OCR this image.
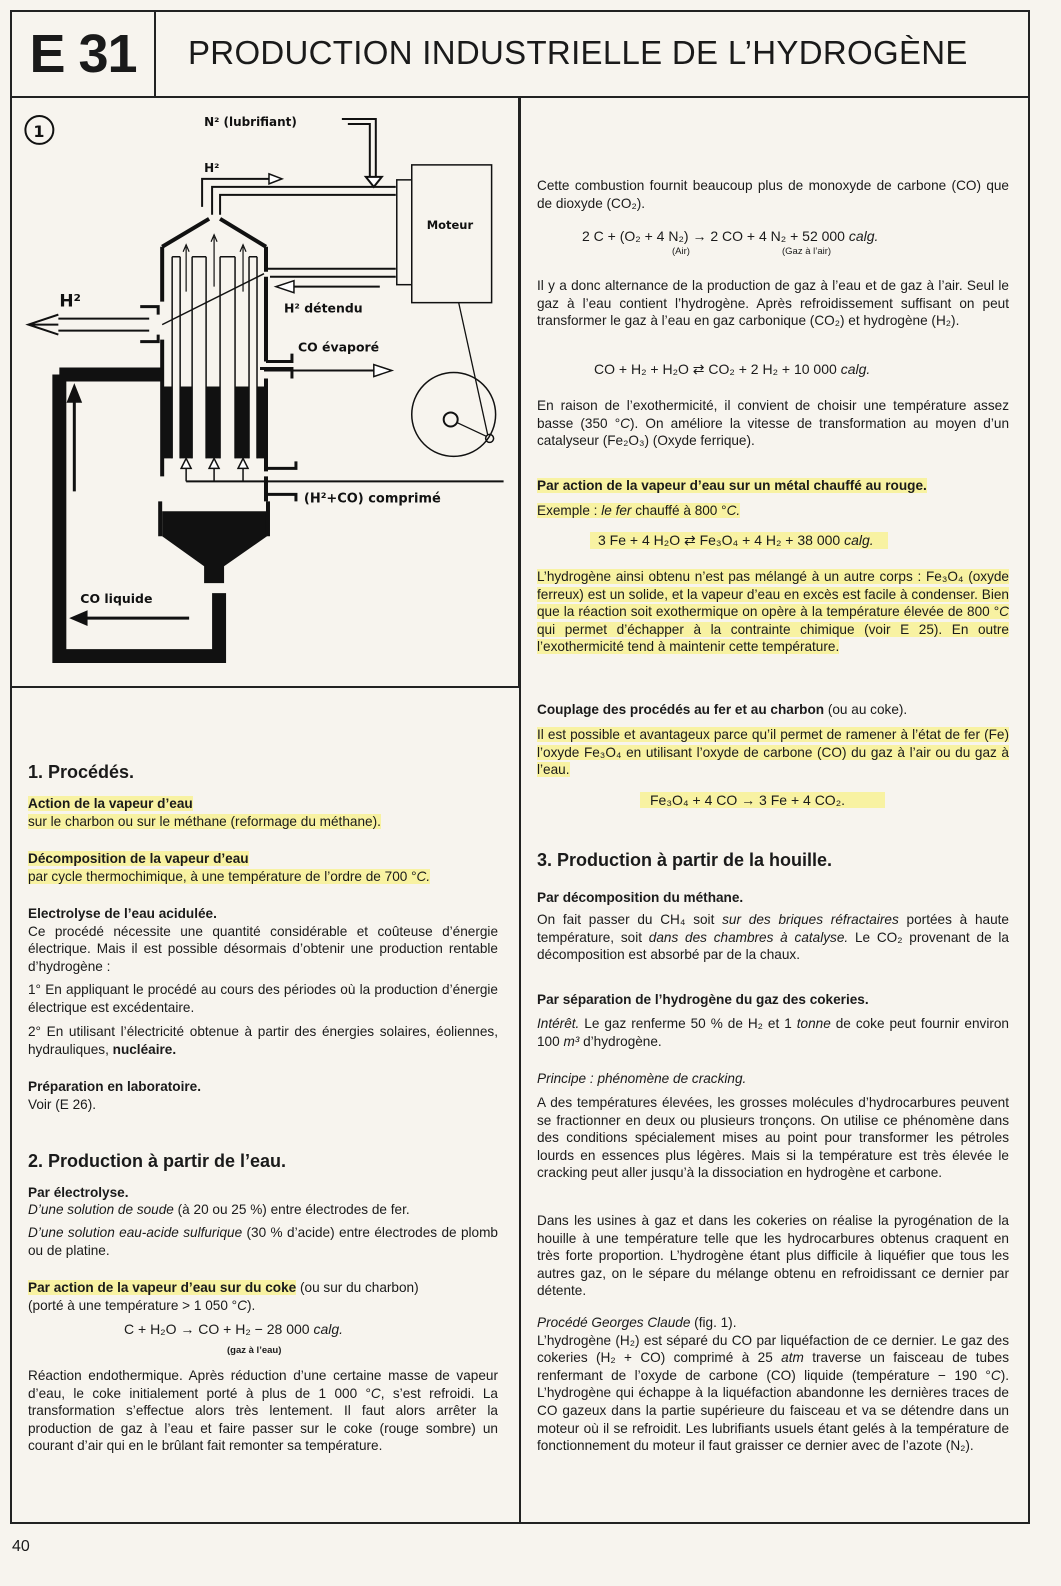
E 31	PRODUCTION INDUSTRIELLE DE L’HYDROGÈNE
1	N² (lubrifiant)
H²
Moteur
H²	H² détendu
CO évaporé
(H²+CO) comprimé
CO liquide
1. Procédés.
Action de la vapeur d’eau
sur le charbon ou sur le méthane (reformage du méthane).
Décomposition de la vapeur d’eau
par cycle thermochimique, à une température de l’ordre de 700 °C.
Electrolyse de l’eau acidulée.
Ce procédé nécessite une quantité considérable et coûteuse d’énergie électrique. Mais il est possible désormais d’obtenir une production rentable d’hydrogène :
1° En appliquant le procédé au cours des périodes où la production d’énergie électrique est excédentaire.
2° En utilisant l’électricité obtenue à partir des énergies solaires, éoliennes, hydrauliques, nucléaire.
Préparation en laboratoire.
Voir (E 26).
2. Production à partir de l’eau.
Par électrolyse.
D’une solution de soude (à 20 ou 25 %) entre électrodes de fer.
D’une solution eau-acide sulfurique (30 % d’acide) entre électrodes de plomb ou de platine.
Par action de la vapeur d’eau sur du coke (ou sur du charbon)
(porté à une température > 1 050 °C).
C + H₂O → CO + H₂ − 28 000 calg.
(gaz à l’eau)
Réaction endothermique. Après réduction d’une certaine masse de vapeur d’eau, le coke initialement porté à plus de 1 000 °C, s’est refroidi. La transformation s’effectue alors très lentement. Il faut alors arrêter la production de gaz à l’eau et faire passer sur le coke (rouge sombre) un courant d’air qui en le brûlant fait remonter sa température.
Cette combustion fournit beaucoup plus de monoxyde de carbone (CO) que de dioxyde (CO₂).
2 C + (O₂ + 4 N₂) → 2 CO + 4 N₂ + 52 000 calg.
(Air)	(Gaz à l’air)
Il y a donc alternance de la production de gaz à l’eau et de gaz à l’air. Seul le gaz à l’eau contient l’hydrogène. Après refroidissement suffisant on peut transformer le gaz à l’eau en gaz carbonique (CO₂) et hydrogène (H₂).
CO + H₂ + H₂O ⇄ CO₂ + 2 H₂ + 10 000 calg.
En raison de l’exothermicité, il convient de choisir une température assez basse (350 °C). On améliore la vitesse de transformation au moyen d’un catalyseur (Fe₂O₃) (Oxyde ferrique).
Par action de la vapeur d’eau sur un métal chauffé au rouge.
Exemple : le fer chauffé à 800 °C.
3 Fe + 4 H₂O ⇄ Fe₃O₄ + 4 H₂ + 38 000 calg.
L’hydrogène ainsi obtenu n’est pas mélangé à un autre corps : Fe₃O₄ (oxyde ferreux) est un solide, et la vapeur d’eau en excès est facile à condenser. Bien que la réaction soit exothermique on opère à la température élevée de 800 °C qui permet d’échapper à la contrainte chimique (voir E 25). En outre l’exothermicité tend à maintenir cette température.
Couplage des procédés au fer et au charbon (ou au coke).
Il est possible et avantageux parce qu’il permet de ramener à l’état de fer (Fe) l’oxyde Fe₃O₄ en utilisant l’oxyde de carbone (CO) du gaz à l’air ou du gaz à l’eau.
Fe₃O₄ + 4 CO → 3 Fe + 4 CO₂.
3. Production à partir de la houille.
Par décomposition du méthane.
On fait passer du CH₄ soit sur des briques réfractaires portées à haute température, soit dans des chambres à catalyse. Le CO₂ provenant de la décomposition est absorbé par de la chaux.
Par séparation de l’hydrogène du gaz des cokeries.
Intérêt. Le gaz renferme 50 % de H₂ et 1 tonne de coke peut fournir environ 100 m³ d’hydrogène.
Principe : phénomène de cracking.
A des températures élevées, les grosses molécules d’hydrocarbures peuvent se fractionner en deux ou plusieurs tronçons. On utilise ce phénomène dans des conditions spécialement mises au point pour transformer les pétroles lourds en essences plus légères. Mais si la température est très élevée le cracking peut aller jusqu’à la dissociation en hydrogène et carbone.
Dans les usines à gaz et dans les cokeries on réalise la pyrogénation de la houille à une température telle que les hydrocarbures obtenus craquent en très forte proportion. L’hydrogène étant plus difficile à liquéfier que tous les autres gaz, on le sépare du mélange obtenu en refroidissant ce dernier par détente.
Procédé Georges Claude (fig. 1).
L’hydrogène (H₂) est séparé du CO par liquéfaction de ce dernier. Le gaz des cokeries (H₂ + CO) comprimé à 25 atm traverse un faisceau de tubes renfermant de l’oxyde de carbone (CO) liquide (température − 190 °C). L’hydrogène qui échappe à la liquéfaction abandonne les dernières traces de CO gazeux dans la partie supérieure du faisceau et va se détendre dans un moteur où il se refroidit. Les lubrifiants usuels étant gelés à la température de fonctionnement du moteur il faut graisser ce dernier avec de l’azote (N₂).
40
